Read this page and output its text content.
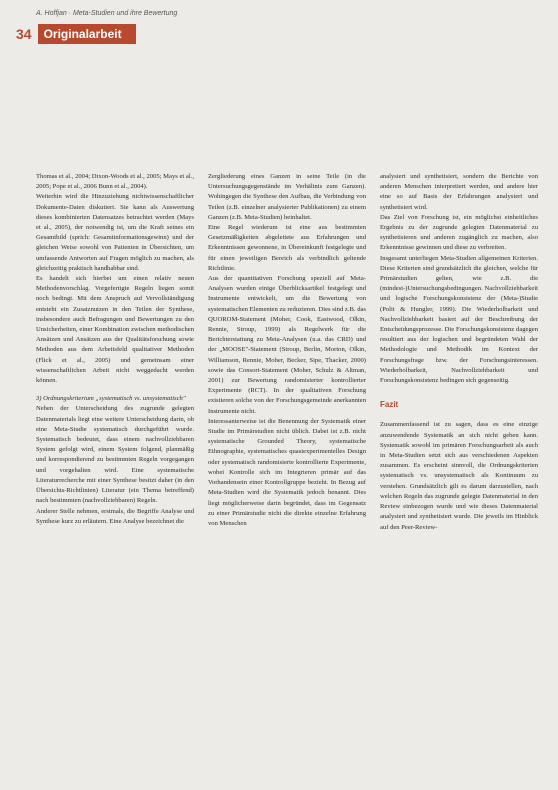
A. Hoffjan · Meta-Studien und ihre Bewertung
34	Originalarbeit

Thomas et al., 2004; Dixon-Woods et al., 2005; Mays et al., 2005; Pope et al., 2006 Bunn et al., 2004).

Weiterhin wird die Hinzuziehung nichtwissenschaftlicher Dokumente-Daten diskutiert. Sie kann als Auswertung dieses kombinierten Datensatzes betrachtet werden (Mays et al., 2005), der notwendig ist, um die Kraft seines ein Gesamtbild (sprich: Gesamtinformationsgewinn) und der gleichen Weise sowohl von Patienten in Übersichten, um umfassende Antworten auf Fragen möglich zu machen, als gleichzeitig praktisch handhabbar sind.

Es handelt sich hierbei um einen relativ neuen Methodenvorschlag. Vorgefertigte Regeln liegen somit noch bedingt. Mit dem Anspruch auf Vervollständigung entsteht ein Zusatznutzen in den Teilen der Synthese, insbesondere auch Befragungen und Bewertungen zu den Unsicherheiten, einer Kombination zwischen methodischen Ansätzen und Ansätzen aus der Qualitätsforschung sowie Methoden aus dem Arbeitsfeld qualitativer Methoden (Flick et al., 2005) und gemeinsam einer wissenschaftlichen Arbeit nicht weggedacht werden können.

3) Ordnungskriterium „systematisch vs. unsystematisch"

Neben der Unterscheidung des zugrunde gelegten Datenmaterials liegt eine weitere Unterscheidung darin, ob eine Meta-Studie systematisch durchgeführt wurde. Systematisch bedeutet, dass einem nachvollziehbaren System gefolgt wird, einem System folgend, planmäßig und korrespondierend zu bestimmten Regeln vorgegangen und vorgehalten wird. Eine systematische Literaturrecherche mit einer Synthese besitzt daher (in den Übersichts-Richtlinien) Literatur (ein Thema betreffend) nach bestimmten (nachvollziehbaren) Regeln.

Anderer Stelle nehmen, erstmals, die Begriffe Analyse und Synthese kurz zu erläutern. Eine Analyse bezeichnet die

Zergliederung eines Ganzen in seine Teile (in die Untersuchungsgegenstände im Verhältnis zum Ganzen). Wohingegen die Synthese den Aufbau, die Verbindung von Teilen (z.B. einzelner analysierter Publikationen) zu einem Ganzen (z.B. Meta-Studien) beinhaltet.

Eine Regel wiederum ist eine aus bestimmten Gesetzmäßigkeiten abgeleitete aus Erfahrungen und Erkenntnissen gewonnene, in Übereinkunft festgelegte und für einen jeweiligen Bereich als verbindlich geltende Richtlinie.

Aus der quantitativen Forschung speziell auf Meta-Analysen wurden einige Überblicksartikel festgelegt und Instrumente entwickelt, um die Bewertung von systematischen Elementen zu reduzieren. Dies sind z.B. das QUOROM-Statement (Moher, Cook, Eastwood, Olkin, Rennie, Stroup, 1999) als Regelwerk für die Berichterstattung zu Meta-Analysen (u.a. das CRD) und der „MOOSE"-Statement (Stroup, Berlin, Morton, Olkin, Williamson, Rennie, Moher, Becker, Sipe, Thacker, 2000) sowie das Consort-Statement (Moher, Schulz & Altman, 2001) zur Bewertung randomisierter kontrollierter Experimente (RCT). In der qualitativen Forschung existieren solche von der Forschungsgemeinde anerkannten Instrumente nicht.

Interessanterweise ist die Benennung der Systematik einer Studie im Primärstudien nicht üblich. Dabei ist z.B. nicht systematische Grounded Theory, systematische Ethnographie, systematisches quasiexperimentelles Design oder systematisch randomisierte kontrollierte Experimente, wobei Kontrolle sich im Integrieren primär auf das Vorhandensein einer Kontrollgruppe bezieht. In Bezug auf Meta-Studien wird die Systematik jedoch benannt. Dies liegt möglicherweise darin begründet, dass im Gegensatz zu einer Primärstudie nicht die direkte einzelne Erfahrung von Menschen

analysiert und synthetisiert, sondern die Berichte von anderen Menschen interpretiert werden, und andere hier eine so auf Basis der Erfahrungen analysiert und synthetisiert wird.

Das Ziel von Forschung ist, ein möglichst einheitliches Ergebnis zu der zugrunde gelegten Datenmaterial zu synthetisieren und anderen zugänglich zu machen, also Erkenntnisse gewinnen und diese zu verbreiten.

Insgesamt unterliegen Meta-Studien allgemeinen Kriterien. Diese Kriterien sind grundsätzlich die gleichen, welche für Primärstudien gelten, wie z.B. die (mindest-)Untersuchungsbedingungen. Nachvollziehbarkeit und logische Forschungskonsistenz der (Meta-)Studie (Polit & Hungler, 1999). Die Wiederholbarkeit und Nachvollziehbarkeit basiert auf der Beschreibung der Entscheidungsprozesse. Die Forschungskonsistenz dagegen resultiert aus der logischen und begründeten Wahl der Methodologie und Methodik im Kontext der Forschungsfrage bzw. der Forschungsinteressen. Wiederholbarkeit, Nachvollziehbarkeit und Forschungskonsistenz bedingen sich gegenseitig.

Fazit

Zusammenfassend ist zu sagen, dass es eine einzige anzuwendende Systematik an sich nicht geben kann. Systematik sowohl im primären Forschungsarbeit als auch in Meta-Studien setzt sich aus verschiedenen Aspekten zusammen. Es erscheint sinnvoll, die Ordnungskriterien systematisch vs. unsystematisch als Kontinuum zu verstehen. Grundsätzlich gilt es darum darzustellen, nach welchen Regeln das zugrunde gelegte Datenmaterial in den Review einbezogen wurde und wie dieses Datenmaterial analysiert und synthetisiert wurde. Die jeweils im Hinblick auf den Peer-Review-
